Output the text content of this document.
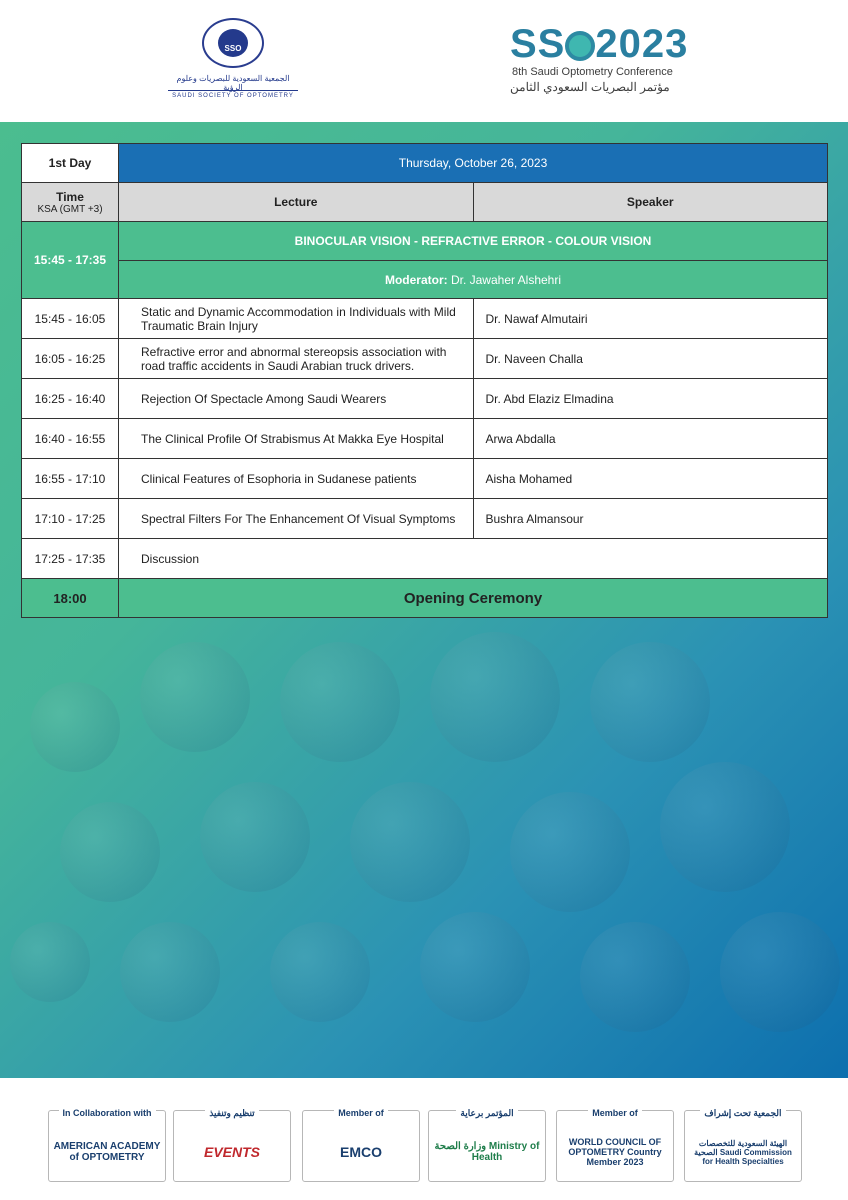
SSO
الجمعية السعودية للبصريات وعلوم الرؤية
SAUDI SOCIETY OF OPTOMETRY
SS 2023
8th Saudi Optometry Conference
مؤتمر البصريات السعودي الثامن
1st Day	Thursday, October 26, 2023	
Time
KSA (GMT +3)	Lecture	Speaker
15:45 - 17:35	BINOCULAR VISION - REFRACTIVE ERROR - COLOUR VISION	
	Moderator: Dr. Jawaher Alshehri	
15:45 - 16:05	Static and Dynamic Accommodation in Individuals with Mild Traumatic Brain Injury	Dr. Nawaf Almutairi
16:05 - 16:25	Refractive error and abnormal stereopsis association with road traffic accidents in Saudi Arabian truck drivers.	Dr. Naveen Challa
16:25 - 16:40	Rejection Of Spectacle Among Saudi Wearers	Dr. Abd Elaziz Elmadina
16:40 - 16:55	The Clinical Profile Of Strabismus At Makka Eye Hospital	Arwa Abdalla
16:55 - 17:10	Clinical Features of Esophoria in Sudanese patients	Aisha Mohamed
17:10 - 17:25	Spectral Filters For The Enhancement Of Visual Symptoms	Bushra Almansour
17:25 - 17:35	Discussion	
18:00	Opening Ceremony	
In Collaboration with
AMERICAN ACADEMY of OPTOMETRY
تنظيم وتنفيذ
EVENTS
Member of
EMCO
المؤتمر برعاية
وزارة الصحة Ministry of Health
Member of
WORLD COUNCIL OF OPTOMETRY Country Member 2023
الجمعية تحت إشراف
الهيئة السعودية للتخصصات الصحية Saudi Commission for Health Specialties
